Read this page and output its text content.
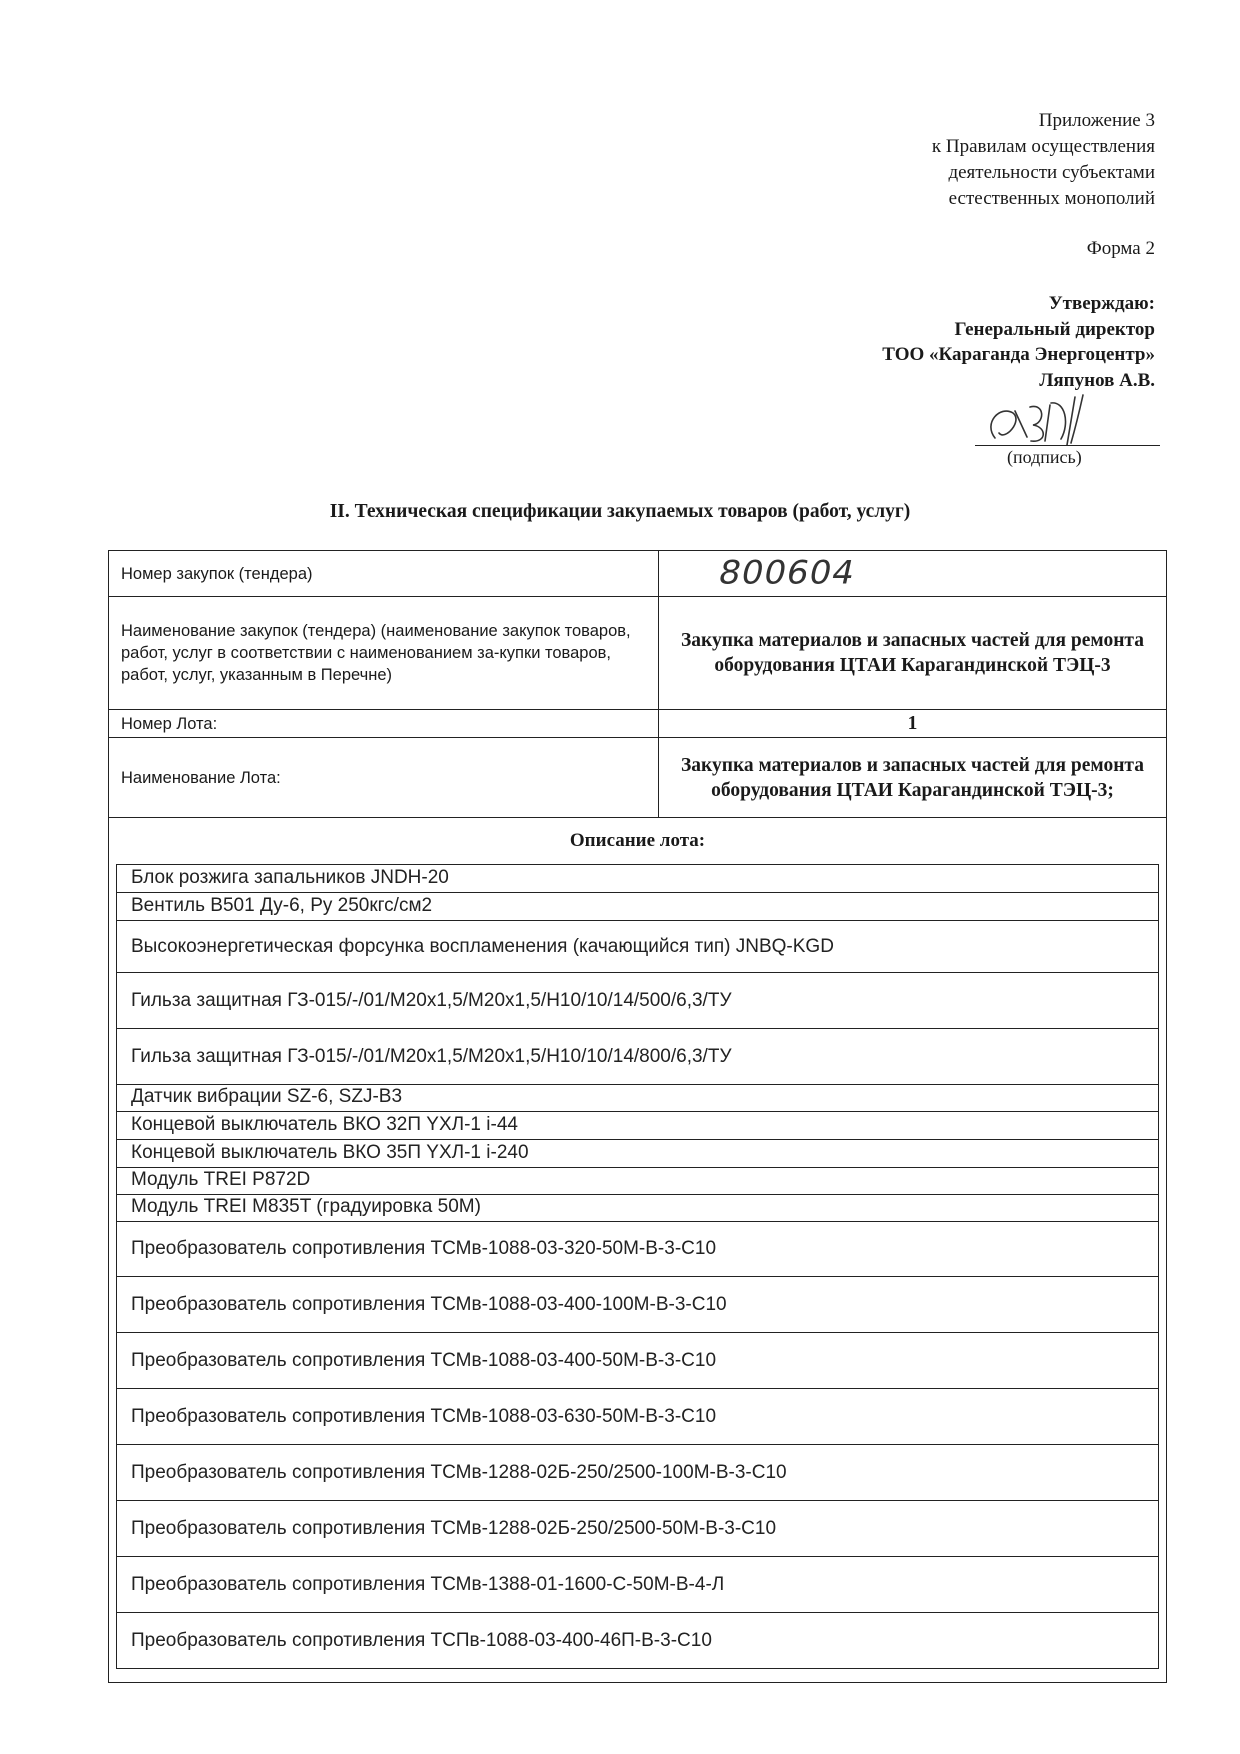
Приложение 3
к Правилам осуществления
деятельности субъектами
естественных монополий
Форма 2
Утверждаю:
Генеральный директор
ТОО «Караганда Энергоцентр»
Ляпунов А.В.
(подпись)
II. Техническая спецификации закупаемых товаров (работ, услуг)
Номер закупок (тендера)	800604
Наименование закупок (тендера) (наименование закупок товаров, работ, услуг в соответствии с наименованием за-купки товаров, работ, услуг, указанным в Перечне)
Закупка материалов и запасных частей для ремонта оборудования ЦТАИ Карагандинской ТЭЦ-3
Номер Лота:	1
Наименование Лота:
Закупка материалов и запасных частей для ремонта оборудования ЦТАИ Карагандинской ТЭЦ-3;
Описание лота:
Блок розжига запальников JNDH-20
Вентиль В501 Ду-6, Ру 250кгс/см2
Высокоэнергетическая форсунка воспламенения (качающийся тип) JNBQ-KGD
Гильза защитная ГЗ-015/-/01/М20х1,5/М20х1,5/Н10/10/14/500/6,3/ТУ
Гильза защитная ГЗ-015/-/01/М20х1,5/М20х1,5/Н10/10/14/800/6,3/ТУ
Датчик вибрации SZ-6, SZJ-B3
Концевой выключатель ВКО 32П YХЛ-1 i-44
Концевой выключатель ВКО 35П YХЛ-1 i-240
Модуль TREI P872D
Модуль TREI M835T (градуировка 50M)
Преобразователь сопротивления ТСМв-1088-03-320-50М-В-3-С10
Преобразователь сопротивления ТСМв-1088-03-400-100М-В-3-С10
Преобразователь сопротивления ТСМв-1088-03-400-50М-В-3-С10
Преобразователь сопротивления ТСМв-1088-03-630-50М-В-3-С10
Преобразователь сопротивления ТСМв-1288-02Б-250/2500-100М-В-3-С10
Преобразователь сопротивления ТСМв-1288-02Б-250/2500-50М-В-3-С10
Преобразователь сопротивления ТСМв-1388-01-1600-С-50М-В-4-Л
Преобразователь сопротивления ТСПв-1088-03-400-46П-В-3-С10
